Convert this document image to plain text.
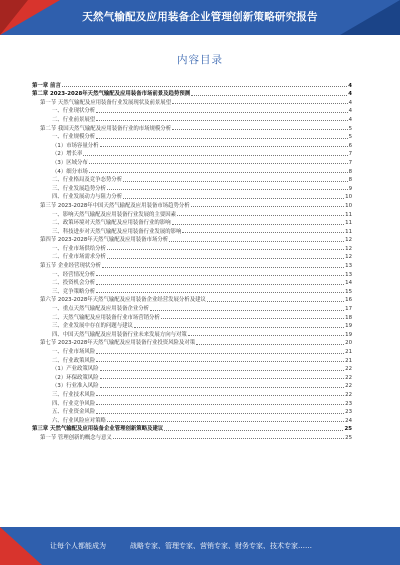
天然气输配及应用装备企业管理创新策略研究报告
内容目录
第一章 前言	4
第二章 2023-2028年天然气输配及应用装备市场前景及趋势预测	4
第一节 天然气输配及应用装备行业发展现状及前景展望	4
一、行业现状分析	4
二、行业前景展望	4
第二节 我国天然气输配及应用装备行业的市场规模分析	5
一、行业规模分析	5
（1）市场容量分析	6
（2）增长率	7
（3）区域分布	7
（4）细分市场	8
二、行业格局及竞争态势分析	8
三、行业发展趋势分析	9
四、行业发展动力与阻力分析	10
第三节 2023-2028年中国天然气输配及应用装备市场趋势分析	10
一、影响天然气输配及应用装备行业发展的主要因素	11
二、政策环境对天然气输配及应用装备行业的影响	11
三、科技进步对天然气输配及应用装备行业发展的影响	11
第四节 2023-2028年天然气输配及应用装备市场分析	12
一、行业市场供给分析	12
二、行业市场需求分析	12
第五节 企业经营现状分析	13
一、经营情况分析	13
二、投资机会分析	14
三、竞争策略分析	15
第六节 2023-2028年天然气输配及应用装备企业经营发展分析及建议	16
一、重点天然气输配及应用装备企业分析	17
二、天然气输配及应用装备行业市场营销分析	18
三、企业发展中存在的问题与建议	19
四、中国天然气输配及应用装备行业未来发展方向与对策	19
第七节 2023-2028年天然气输配及应用装备行业投资风险及对策	20
一、行业市场风险	21
二、行业政策风险	21
（1）产业政策风险	22
（2）环保政策风险	22
（3）行业准入风险	22
三、行业技术风险	22
四、行业竞争风险	23
五、行业资金风险	23
六、行业风险应对策略	24
第三章 天然气输配及应用装备企业管理创新策略及建议	25
第一节 管理创新的概念与意义	25
让每个人都能成为	战略专家、管理专家、营销专家、财务专家、技术专家……
